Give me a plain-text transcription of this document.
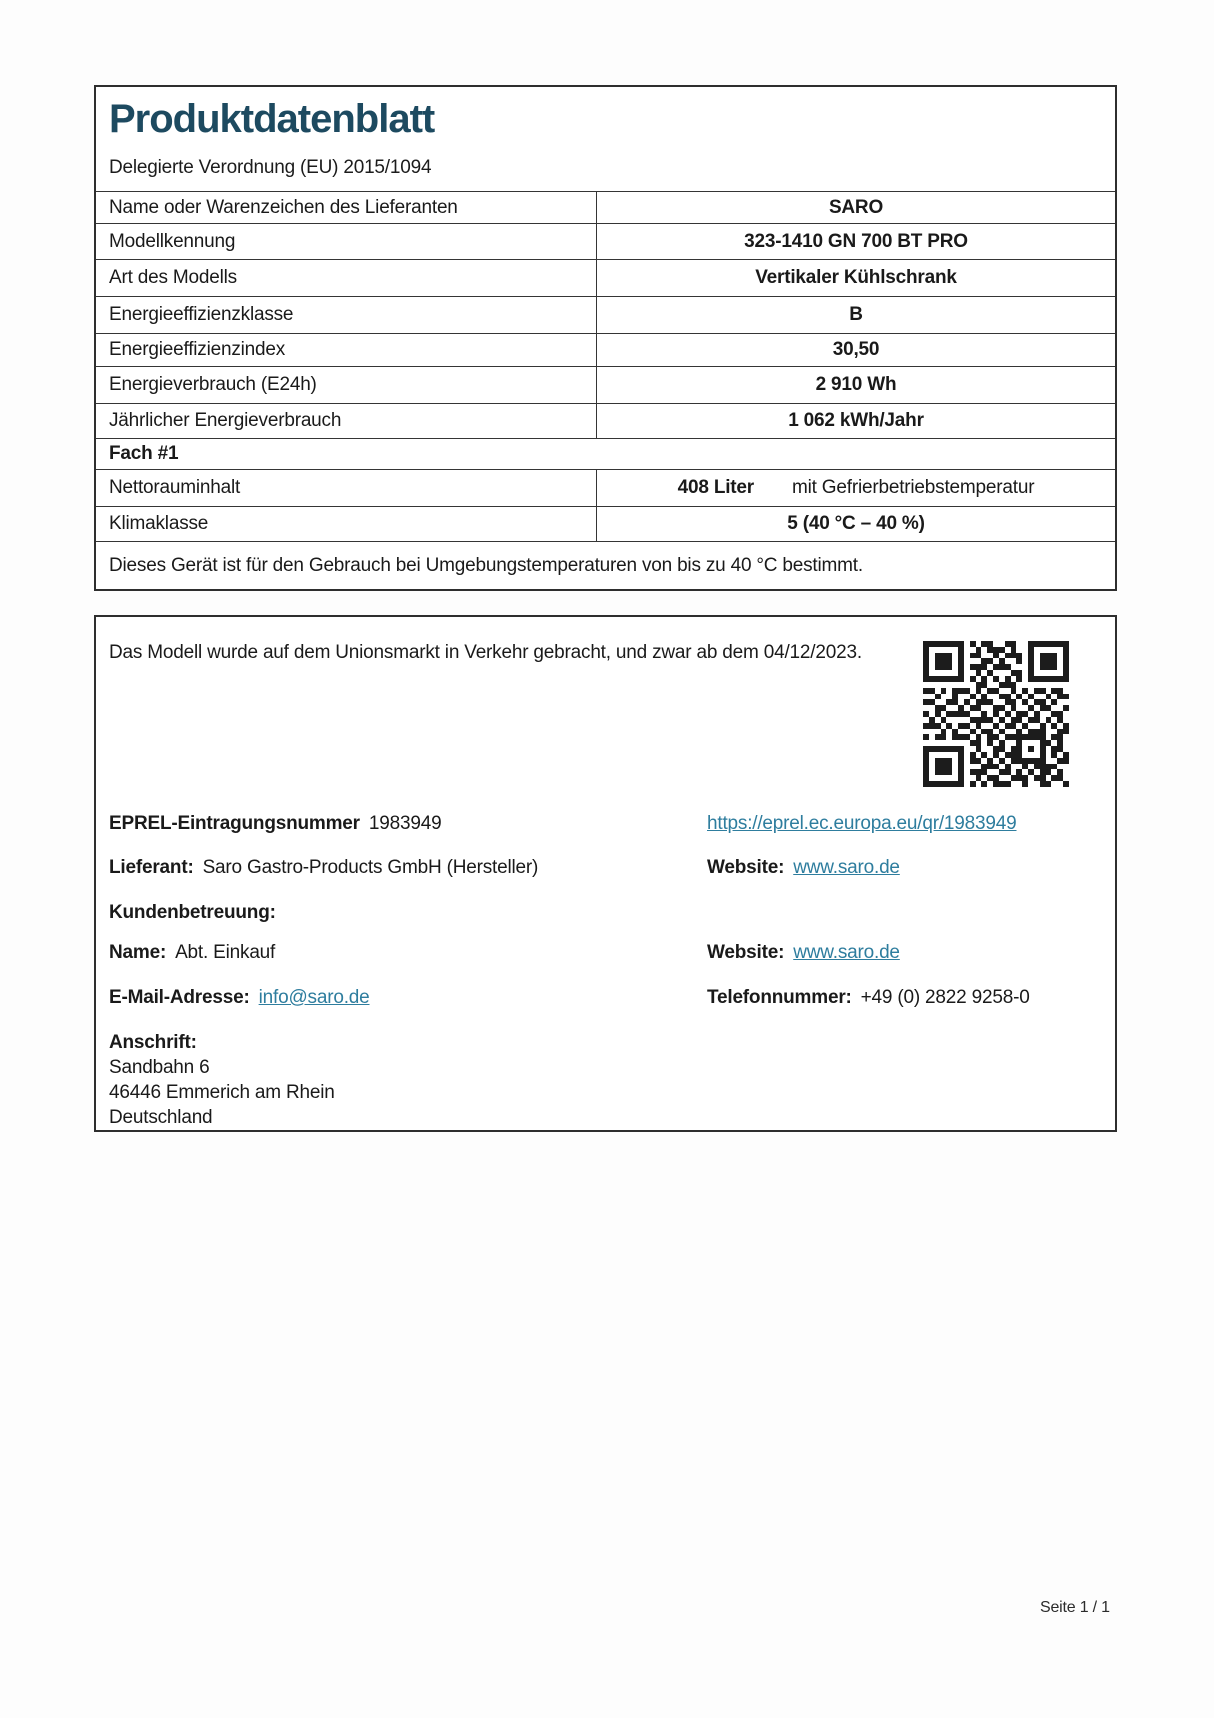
Produktdatenblatt
Delegierte Verordnung (EU) 2015/1094
Name oder Warenzeichen des Lieferanten	SARO
Modellkennung	323-1410 GN 700 BT PRO
Art des Modells	Vertikaler Kühlschrank
Energieeffizienzklasse	B
Energieeffizienzindex	30,50
Energieverbrauch (E24h)	2 910 Wh
Jährlicher Energieverbrauch	1 062 kWh/Jahr
Fach #1
Nettorauminhalt	408 Liter mit Gefrierbetriebstemperatur
Klimaklasse	5 (40 °C – 40 %)
Dieses Gerät ist für den Gebrauch bei Umgebungstemperaturen von bis zu 40 °C bestimmt.
Das Modell wurde auf dem Unionsmarkt in Verkehr gebracht, und zwar ab dem 04/12/2023.
EPREL-Eintragungsnummer 1983949	https://eprel.ec.europa.eu/qr/1983949
Lieferant: Saro Gastro-Products GmbH (Hersteller)	Website: www.saro.de
Kundenbetreuung:
Name: Abt. Einkauf	Website: www.saro.de
E-Mail-Adresse: info@saro.de	Telefonnummer: +49 (0) 2822 9258-0
Anschrift:
Sandbahn 6
46446 Emmerich am Rhein
Deutschland
Seite 1 / 1
